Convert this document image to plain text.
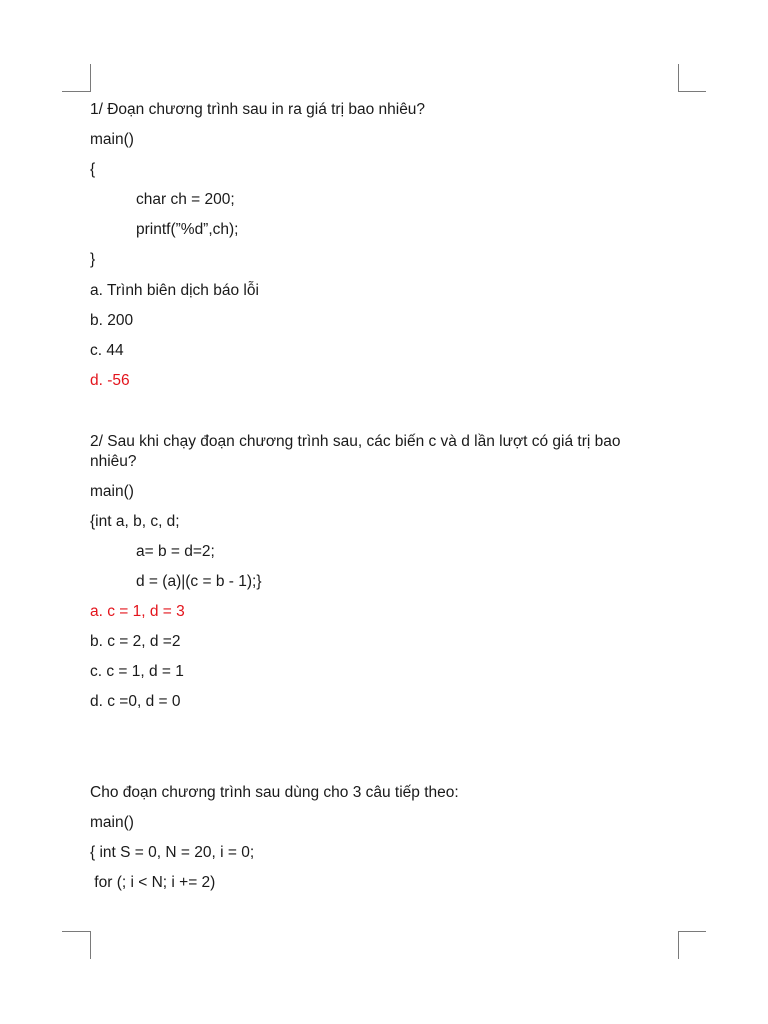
1/ Đoạn chương trình sau in ra giá trị bao nhiêu?
main()
{
char ch = 200;
printf(”%d”,ch);
}
a. Trình biên dịch báo lỗi
b. 200
c. 44
d. -56
2/ Sau khi chạy đoạn chương trình sau, các biến c và d lần lượt có giá trị bao nhiêu?
main()
{int a, b, c, d;
a= b = d=2;
d = (a)|(c = b - 1);}
a. c = 1, d = 3
b. c = 2, d =2
c. c = 1, d = 1
d. c =0, d = 0
Cho đoạn chương trình sau dùng cho 3 câu tiếp theo:
main()
{ int S = 0, N = 20, i = 0;
for (; i < N; i += 2)
